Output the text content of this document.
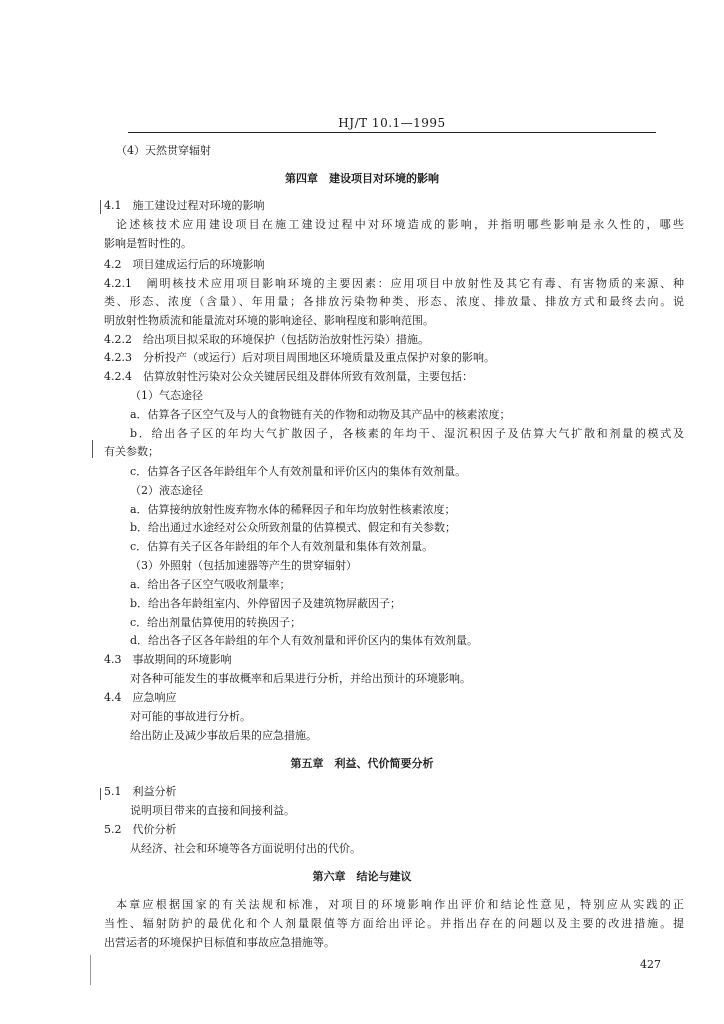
HJ/T 10.1—1995
（4）天然贯穿辐射
第四章　建设项目对环境的影响
4.1　施工建设过程对环境的影响
论述核技术应用建设项目在施工建设过程中对环境造成的影响，并指明哪些影响是永久性的，哪些
影响是暂时性的。
4.2　项目建成运行后的环境影响
4.2.1　阐明核技术应用项目影响环境的主要因素：应用项目中放射性及其它有毒、有害物质的来源、种
类、形态、浓度（含量）、年用量；各排放污染物种类、形态、浓度、排放量、排放方式和最终去向。说
明放射性物质流和能量流对环境的影响途径、影响程度和影响范围。
4.2.2　给出项目拟采取的环境保护（包括防治放射性污染）措施。
4.2.3　分析投产（或运行）后对项目周围地区环境质量及重点保护对象的影响。
4.2.4　估算放射性污染对公众关键居民组及群体所致有效剂量，主要包括：
（1）气态途径
a．估算各子区空气及与人的食物链有关的作物和动物及其产品中的核素浓度；
b．给出各子区的年均大气扩散因子，各核素的年均干、湿沉积因子及估算大气扩散和剂量的模式及
有关参数；
c．估算各子区各年龄组年个人有效剂量和评价区内的集体有效剂量。
（2）液态途径
a．估算接纳放射性废弃物水体的稀释因子和年均放射性核素浓度；
b．给出通过水途经对公众所致剂量的估算模式、假定和有关参数；
c．估算有关子区各年龄组的年个人有效剂量和集体有效剂量。
（3）外照射（包括加速器等产生的贯穿辐射）
a．给出各子区空气吸收剂量率；
b．给出各年龄组室内、外停留因子及建筑物屏蔽因子；
c．给出剂量估算使用的转换因子；
d．给出各子区各年龄组的年个人有效剂量和评价区内的集体有效剂量。
4.3　事故期间的环境影响
对各种可能发生的事故概率和后果进行分析，并给出预计的环境影响。
4.4　应急响应
对可能的事故进行分析。
给出防止及减少事故后果的应急措施。
第五章　利益、代价简要分析
5.1　利益分析
说明项目带来的直接和间接利益。
5.2　代价分析
从经济、社会和环境等各方面说明付出的代价。
第六章　结论与建议
本章应根据国家的有关法规和标准，对项目的环境影响作出评价和结论性意见，特别应从实践的正
当性、辐射防护的最优化和个人剂量限值等方面给出评论。并指出存在的问题以及主要的改进措施。提
出营运者的环境保护目标值和事故应急措施等。
427
